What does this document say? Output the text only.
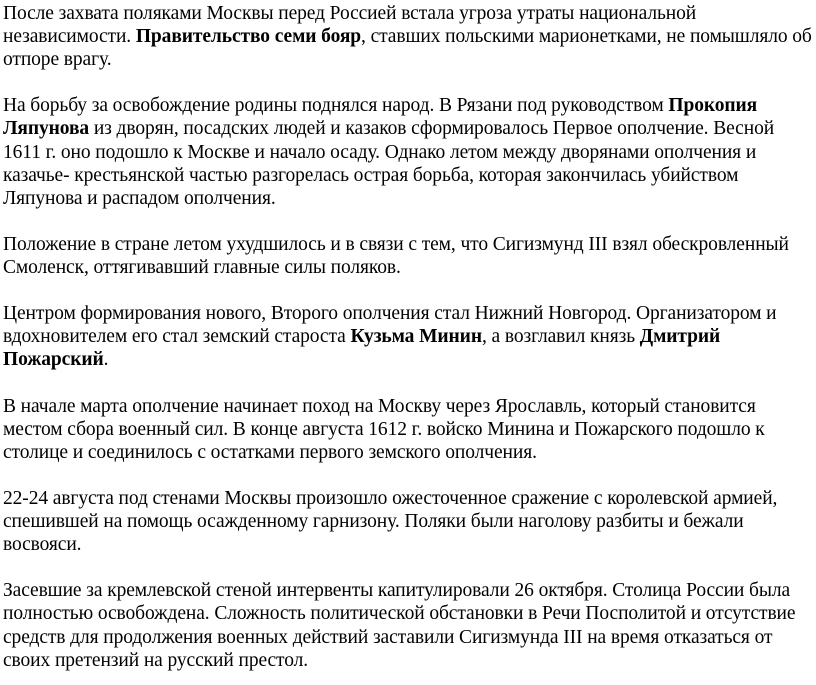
После захвата поляками Москвы перед Россией встала угроза утраты национальной независимости. Правительство семи бояр, ставших польскими марионетками, не помышляло об отпоре врагу.

На борьбу за освобождение родины поднялся народ. В Рязани под руководством Прокопия Ляпунова из дворян, посадских людей и казаков сформировалось Первое ополчение. Весной 1611 г. оно подошло к Москве и начало осаду. Однако летом между дворянами ополчения и казачье- крестьянской частью разгорелась острая борьба, которая закончилась убийством Ляпунова и распадом ополчения.

Положение в стране летом ухудшилось и в связи с тем, что Сигизмунд III взял обескровленный Смоленск, оттягивавший главные силы поляков.

Центром формирования нового, Второго ополчения стал Нижний Новгород. Организатором и вдохновителем его стал земский староста Кузьма Минин, а возглавил князь Дмитрий Пожарский.

В начале марта ополчение начинает поход на Москву через Ярославль, который становится местом сбора военный сил. В конце августа 1612 г. войско Минина и Пожарского подошло к столице и соединилось с остатками первого земского ополчения.

22-24 августа под стенами Москвы произошло ожесточенное сражение с королевской армией, спешившей на помощь осажденному гарнизону. Поляки были наголову разбиты и бежали восвояси.

Засевшие за кремлевской стеной интервенты капитулировали 26 октября. Столица России была полностью освобождена. Сложность политической обстановки в Речи Посполитой и отсутствие средств для продолжения военных действий заставили Сигизмунда III на время отказаться от своих претензий на русский престол.
